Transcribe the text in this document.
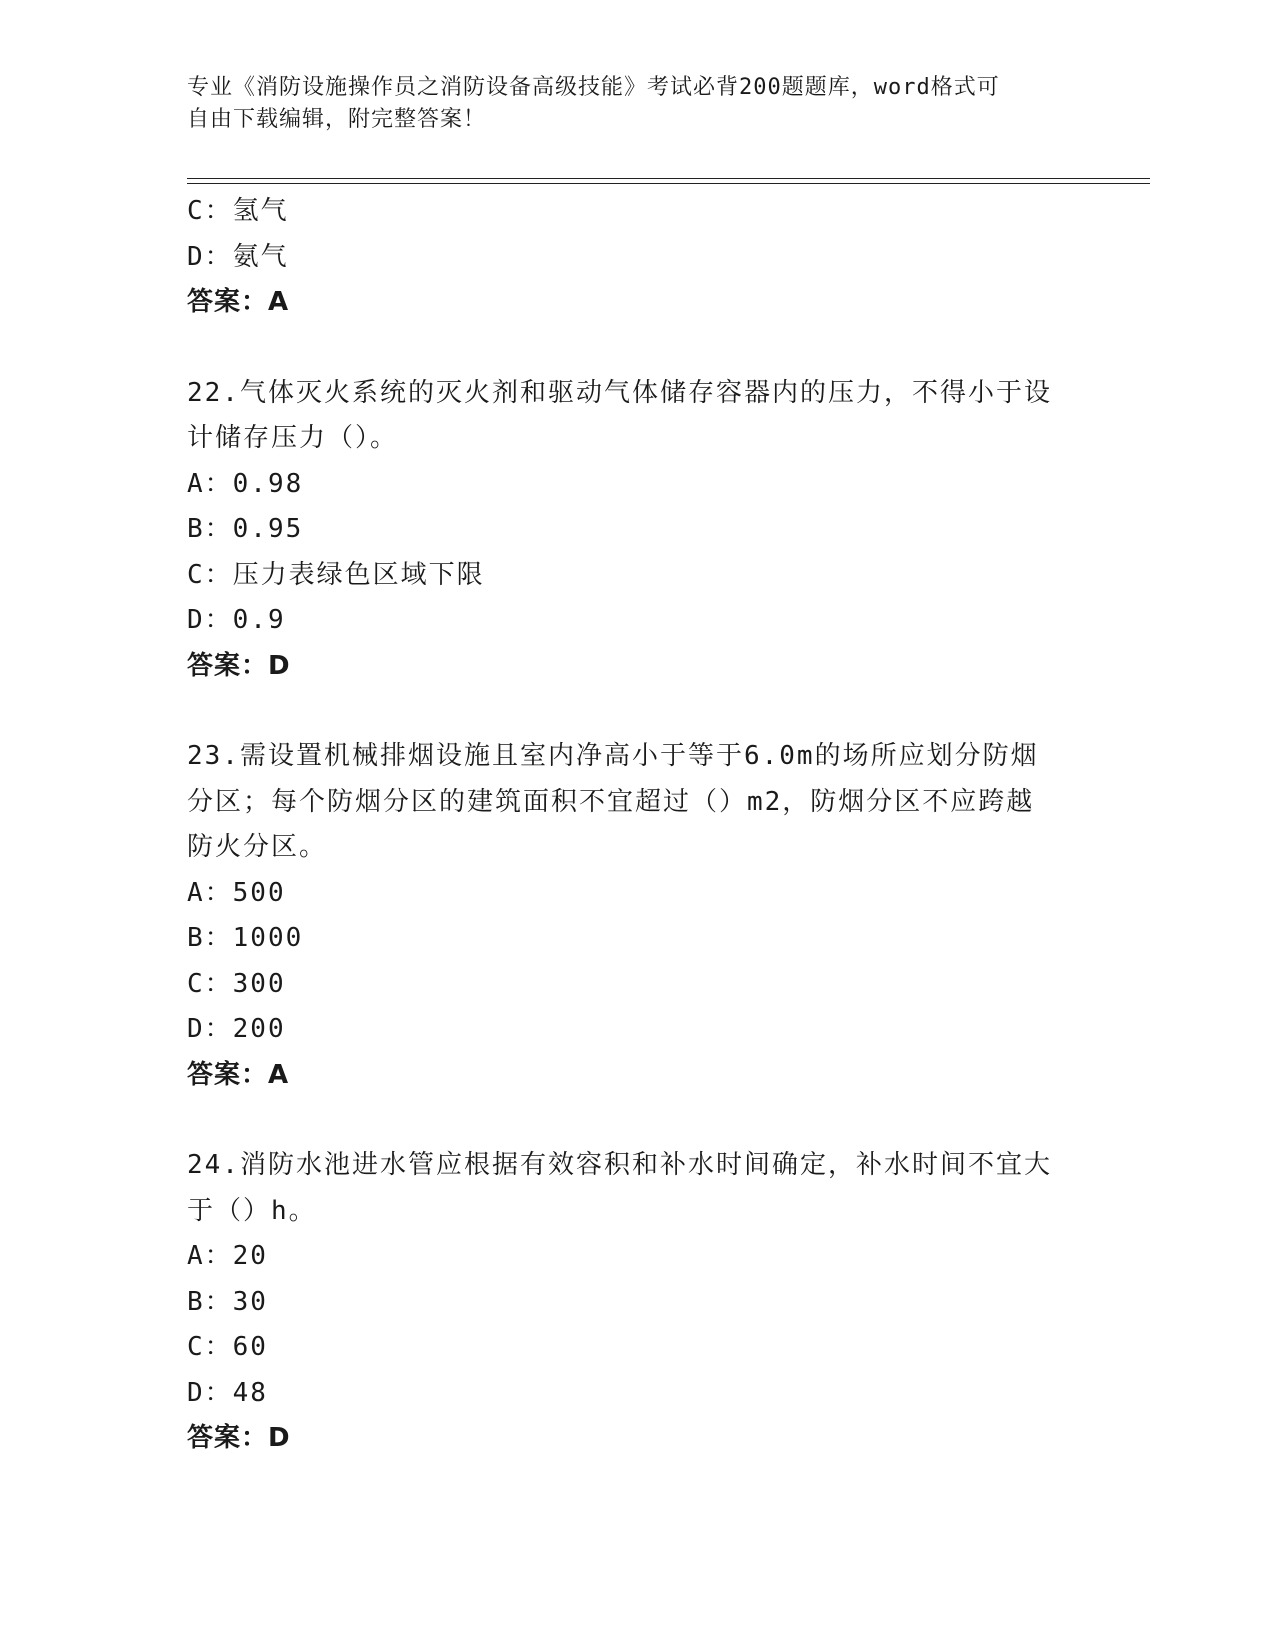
专业《消防设施操作员之消防设备高级技能》考试必背200题题库，word格式可
自由下载编辑，附完整答案！
C：氢气
D：氨气
答案：A
22.气体灭火系统的灭火剂和驱动气体储存容器内的压力，不得小于设
计储存压力（）。
A：0.98
B：0.95
C：压力表绿色区域下限
D：0.9
答案：D
23.需设置机械排烟设施且室内净高小于等于6.0m的场所应划分防烟
分区；每个防烟分区的建筑面积不宜超过（）m2，防烟分区不应跨越
防火分区。
A：500
B：1000
C：300
D：200
答案：A
24.消防水池进水管应根据有效容积和补水时间确定，补水时间不宜大
于（）h。
A：20
B：30
C：60
D：48
答案：D
